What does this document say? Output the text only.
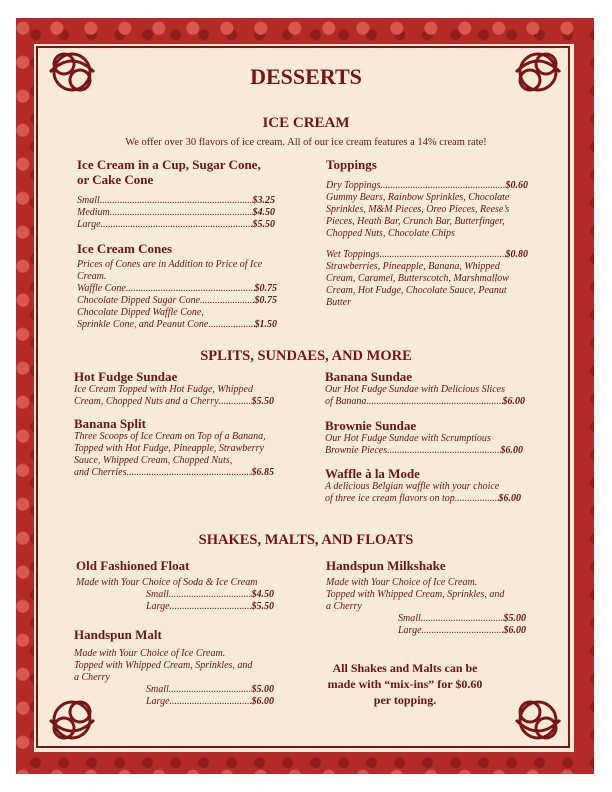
DESSERTS
ICE CREAM
We offer over 30 flavors of ice cream. All of our ice cream features a 14% cream rate!
Ice Cream in a Cup, Sugar Cone,
or Cake Cone
Small .....	$3.25
Medium .....	$4.50
Large .....	$5.50
Ice Cream Cones
Prices of Cones are in Addition to Price of Ice
Cream.
Waffle Cone .....	$0.75
Chocolate Dipped Sugar Cone .....	$0.75
Chocolate Dipped Waffle Cone,
Sprinkle Cone, and Peanut Cone .....	$1.50
Toppings
Dry Toppings .....	$0.60
Gummy Bears, Rainbow Sprinkles, Chocolate
Sprinkles, M&M Pieces, Oreo Pieces, Reese’s
Pieces, Heath Bar, Crunch Bar, Butterfinger,
Chopped Nuts, Chocolate Chips
Wet Toppings .....	$0.80
Strawberries, Pineapple, Banana, Whipped
Cream, Caramel, Butterscotch, Marshmallow
Cream, Hot Fudge, Chocolate Sauce, Peanut
Butter
SPLITS, SUNDAES, AND MORE
Hot Fudge Sundae
Ice Cream Topped with Hot Fudge, Whipped
Cream, Chopped Nuts and a Cherry .....	$5.50
Banana Split
Three Scoops of Ice Cream on Top of a Banana,
Topped with Hot Fudge, Pineapple, Strawberry
Sauce, Whipped Cream, Chopped Nuts,
and Cherries .....	$6.85
Banana Sundae
Our Hot Fudge Sundae with Delicious Slices
of Banana .....	$6.00
Brownie Sundae
Our Hot Fudge Sundae with Scrumptious
Brownie Pieces .....	$6.00
Waffle à la Mode
A delicious Belgian waffle with your choice
of three ice cream flavors on top .....	$6.00
SHAKES, MALTS, AND FLOATS
Old Fashioned Float
Made with Your Choice of Soda & Ice Cream
Small .....	$4.50
Large .....	$5.50
Handspun Malt
Made with Your Choice of Ice Cream.
Topped with Whipped Cream, Sprinkles, and
a Cherry
Small .....	$5.00
Large .....	$6.00
Handspun Milkshake
Made with Your Choice of Ice Cream.
Topped with Whipped Cream, Sprinkles, and
a Cherry
Small .....	$5.00
Large .....	$6.00
All Shakes and Malts can be
made with “mix-ins” for $0.60
per topping.
